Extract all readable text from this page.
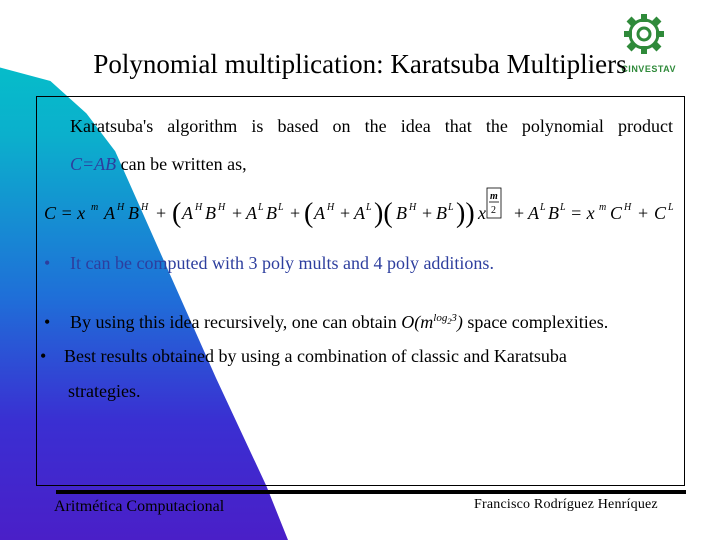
CINVESTAV
Polynomial multiplication: Karatsuba Multipliers
Karatsuba's algorithm is based on the idea that the polynomial product
C=AB can be written as,
C = x m A H B H + ( A H B H + A L B L + ( A H + A L )( B H + B L )) x
m
2 + A L B L = x m C H + C L
• It can be computed with 3 poly mults and 4 poly additions.
• By using this idea recursively, one can obtain $O(m^{log_23})$ space complexities.
• Best results obtained by using a combination of classic and Karatsuba
strategies.
Aritmética Computacional	Francisco Rodríguez Henríquez
